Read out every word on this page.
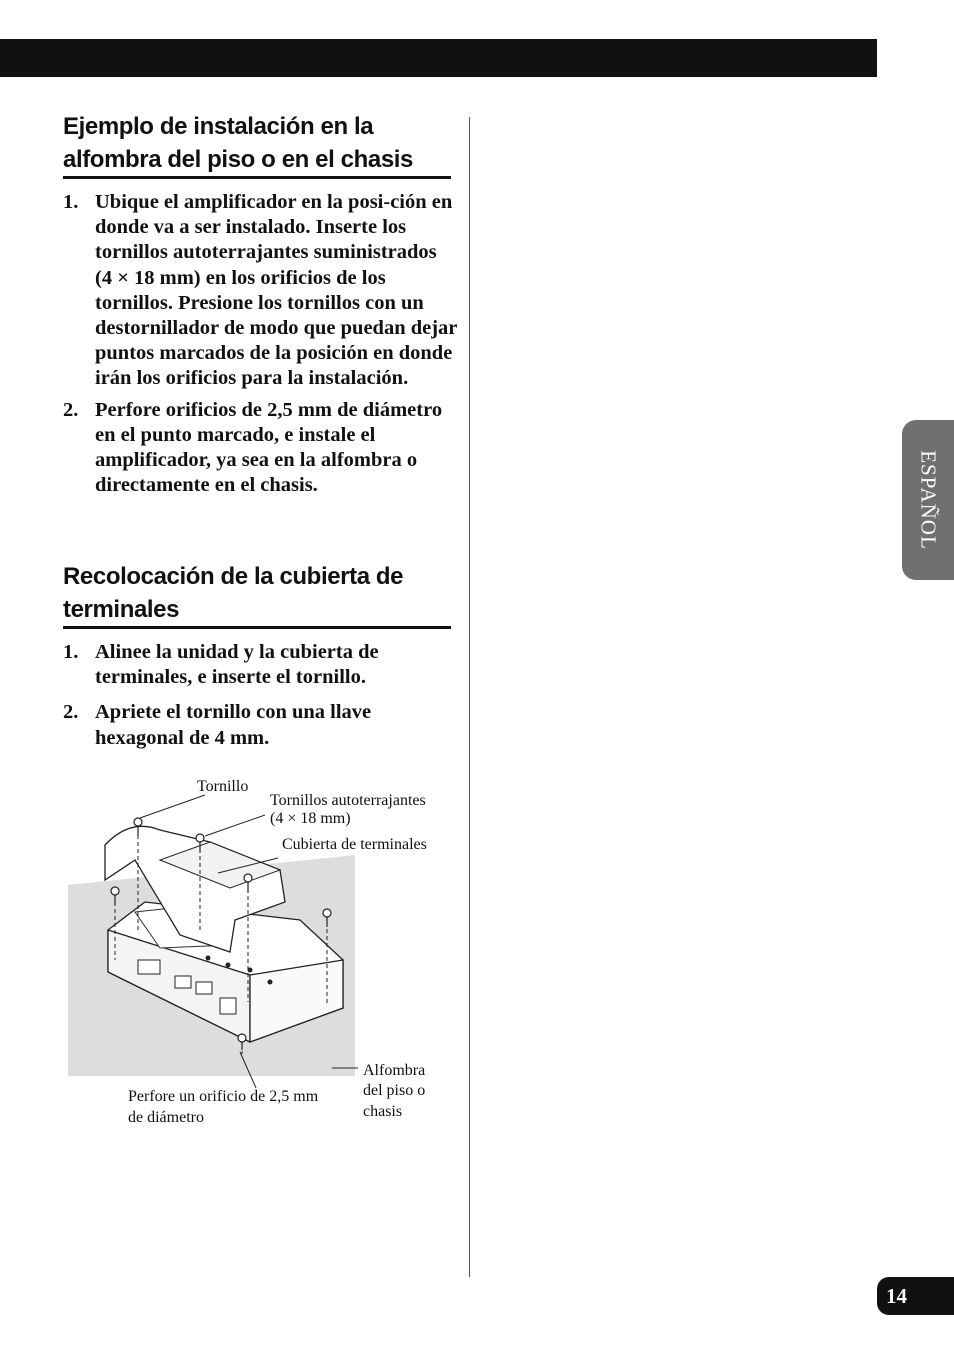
Ejemplo de instalación en la
alfombra del piso o en el chasis
1. Ubique el amplificador en la posi-ción en donde va a ser instalado. Inserte los tornillos autoterrajantes suministrados (4 × 18 mm) en los orificios de los tornillos. Presione los tornillos con un destornillador de modo que puedan dejar puntos marcados de la posición en donde irán los orificios para la instalación.
2. Perfore orificios de 2,5 mm de diámetro en el punto marcado, e instale el amplificador, ya sea en la alfombra o directamente en el chasis.
Recolocación de la cubierta de
terminales
1. Alinee la unidad y la cubierta de terminales, e inserte el tornillo.
2. Apriete el tornillo con una llave hexagonal de 4 mm.
Tornillo
Tornillos autoterrajantes
(4 × 18 mm)
Cubierta de terminales
Alfombra
del piso o
chasis
Perfore un orificio de 2,5 mm
de diámetro
ESPAÑOL
14
